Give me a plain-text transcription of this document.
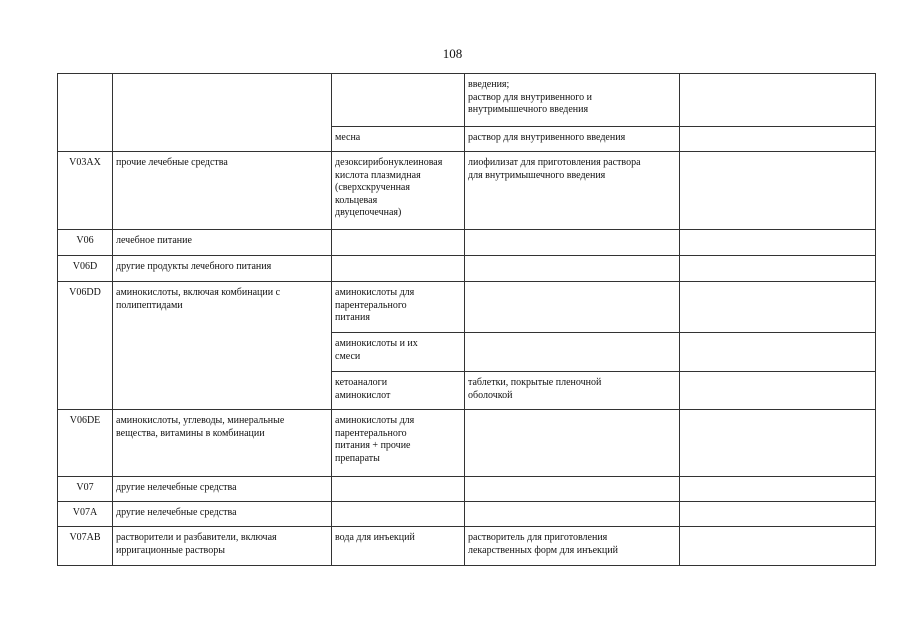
108
			введения;
раствор для внутривенного и
внутримышечного введения	
		месна	раствор для внутривенного введения	
V03AX	прочие лечебные средства	дезоксирибонуклеиновая
кислота плазмидная
(сверхскрученная
кольцевая
двуцепочечная)	лиофилизат для приготовления раствора
для внутримышечного введения	
V06	лечебное питание			
V06D	другие продукты лечебного питания			
V06DD	аминокислоты, включая комбинации с
полипептидами	аминокислоты для
парентерального
питания		
		аминокислоты и их
смеси		
		кетоаналоги
аминокислот	таблетки, покрытые пленочной
оболочкой	
V06DE	аминокислоты, углеводы, минеральные
вещества, витамины в комбинации	аминокислоты для
парентерального
питания + прочие
препараты		
V07	другие нелечебные средства			
V07A	другие нелечебные средства			
V07AB	растворители и разбавители, включая
ирригационные растворы	вода для инъекций	растворитель для приготовления
лекарственных форм для инъекций	
